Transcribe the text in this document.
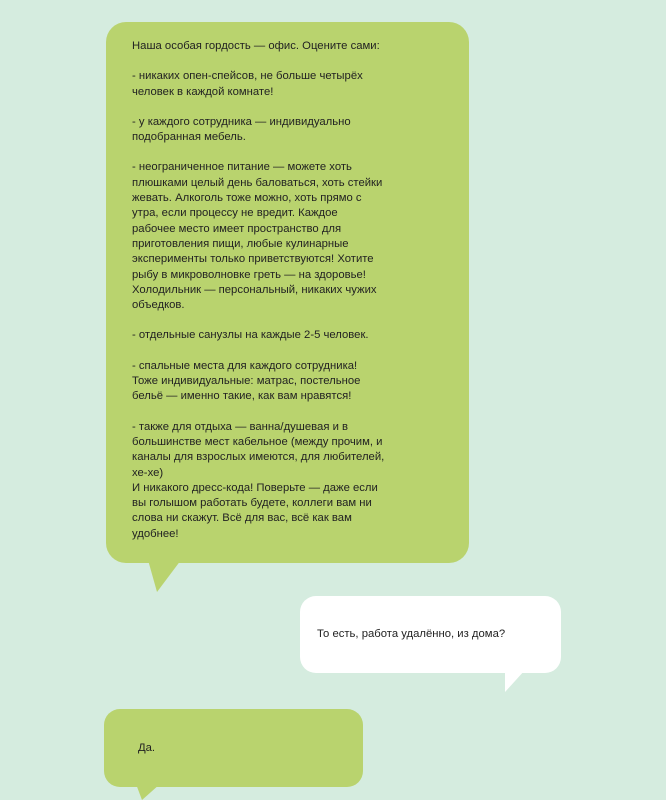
Наша особая гордость — офис. Оцените сами:

- никаких опен-спейсов, не больше четырёх
человек в каждой комнате!

- у каждого сотрудника — индивидуально
подобранная мебель.

- неограниченное питание — можете хоть
плюшками целый день баловаться, хоть стейки
жевать. Алкоголь тоже можно, хоть прямо с
утра, если процессу не вредит. Каждое
рабочее место имеет пространство для
приготовления пищи, любые кулинарные
эксперименты только приветствуются! Хотите
рыбу в микроволновке греть — на здоровье!
Холодильник — персональный, никаких чужих
объедков.

- отдельные санузлы на каждые 2-5 человек.

- спальные места для каждого сотрудника!
Тоже индивидуальные: матрас, постельное
бельё — именно такие, как вам нравятся!

- также для отдыха — ванна/душевая и в
большинстве мест кабельное (между прочим, и
каналы для взрослых имеются, для любителей,
хе-хе)
И никакого дресс-кода! Поверьте — даже если
вы голышом работать будете, коллеги вам ни
слова ни скажут. Всё для вас, всё как вам
удобнее!

То есть, работа удалённо, из дома?
Да.
